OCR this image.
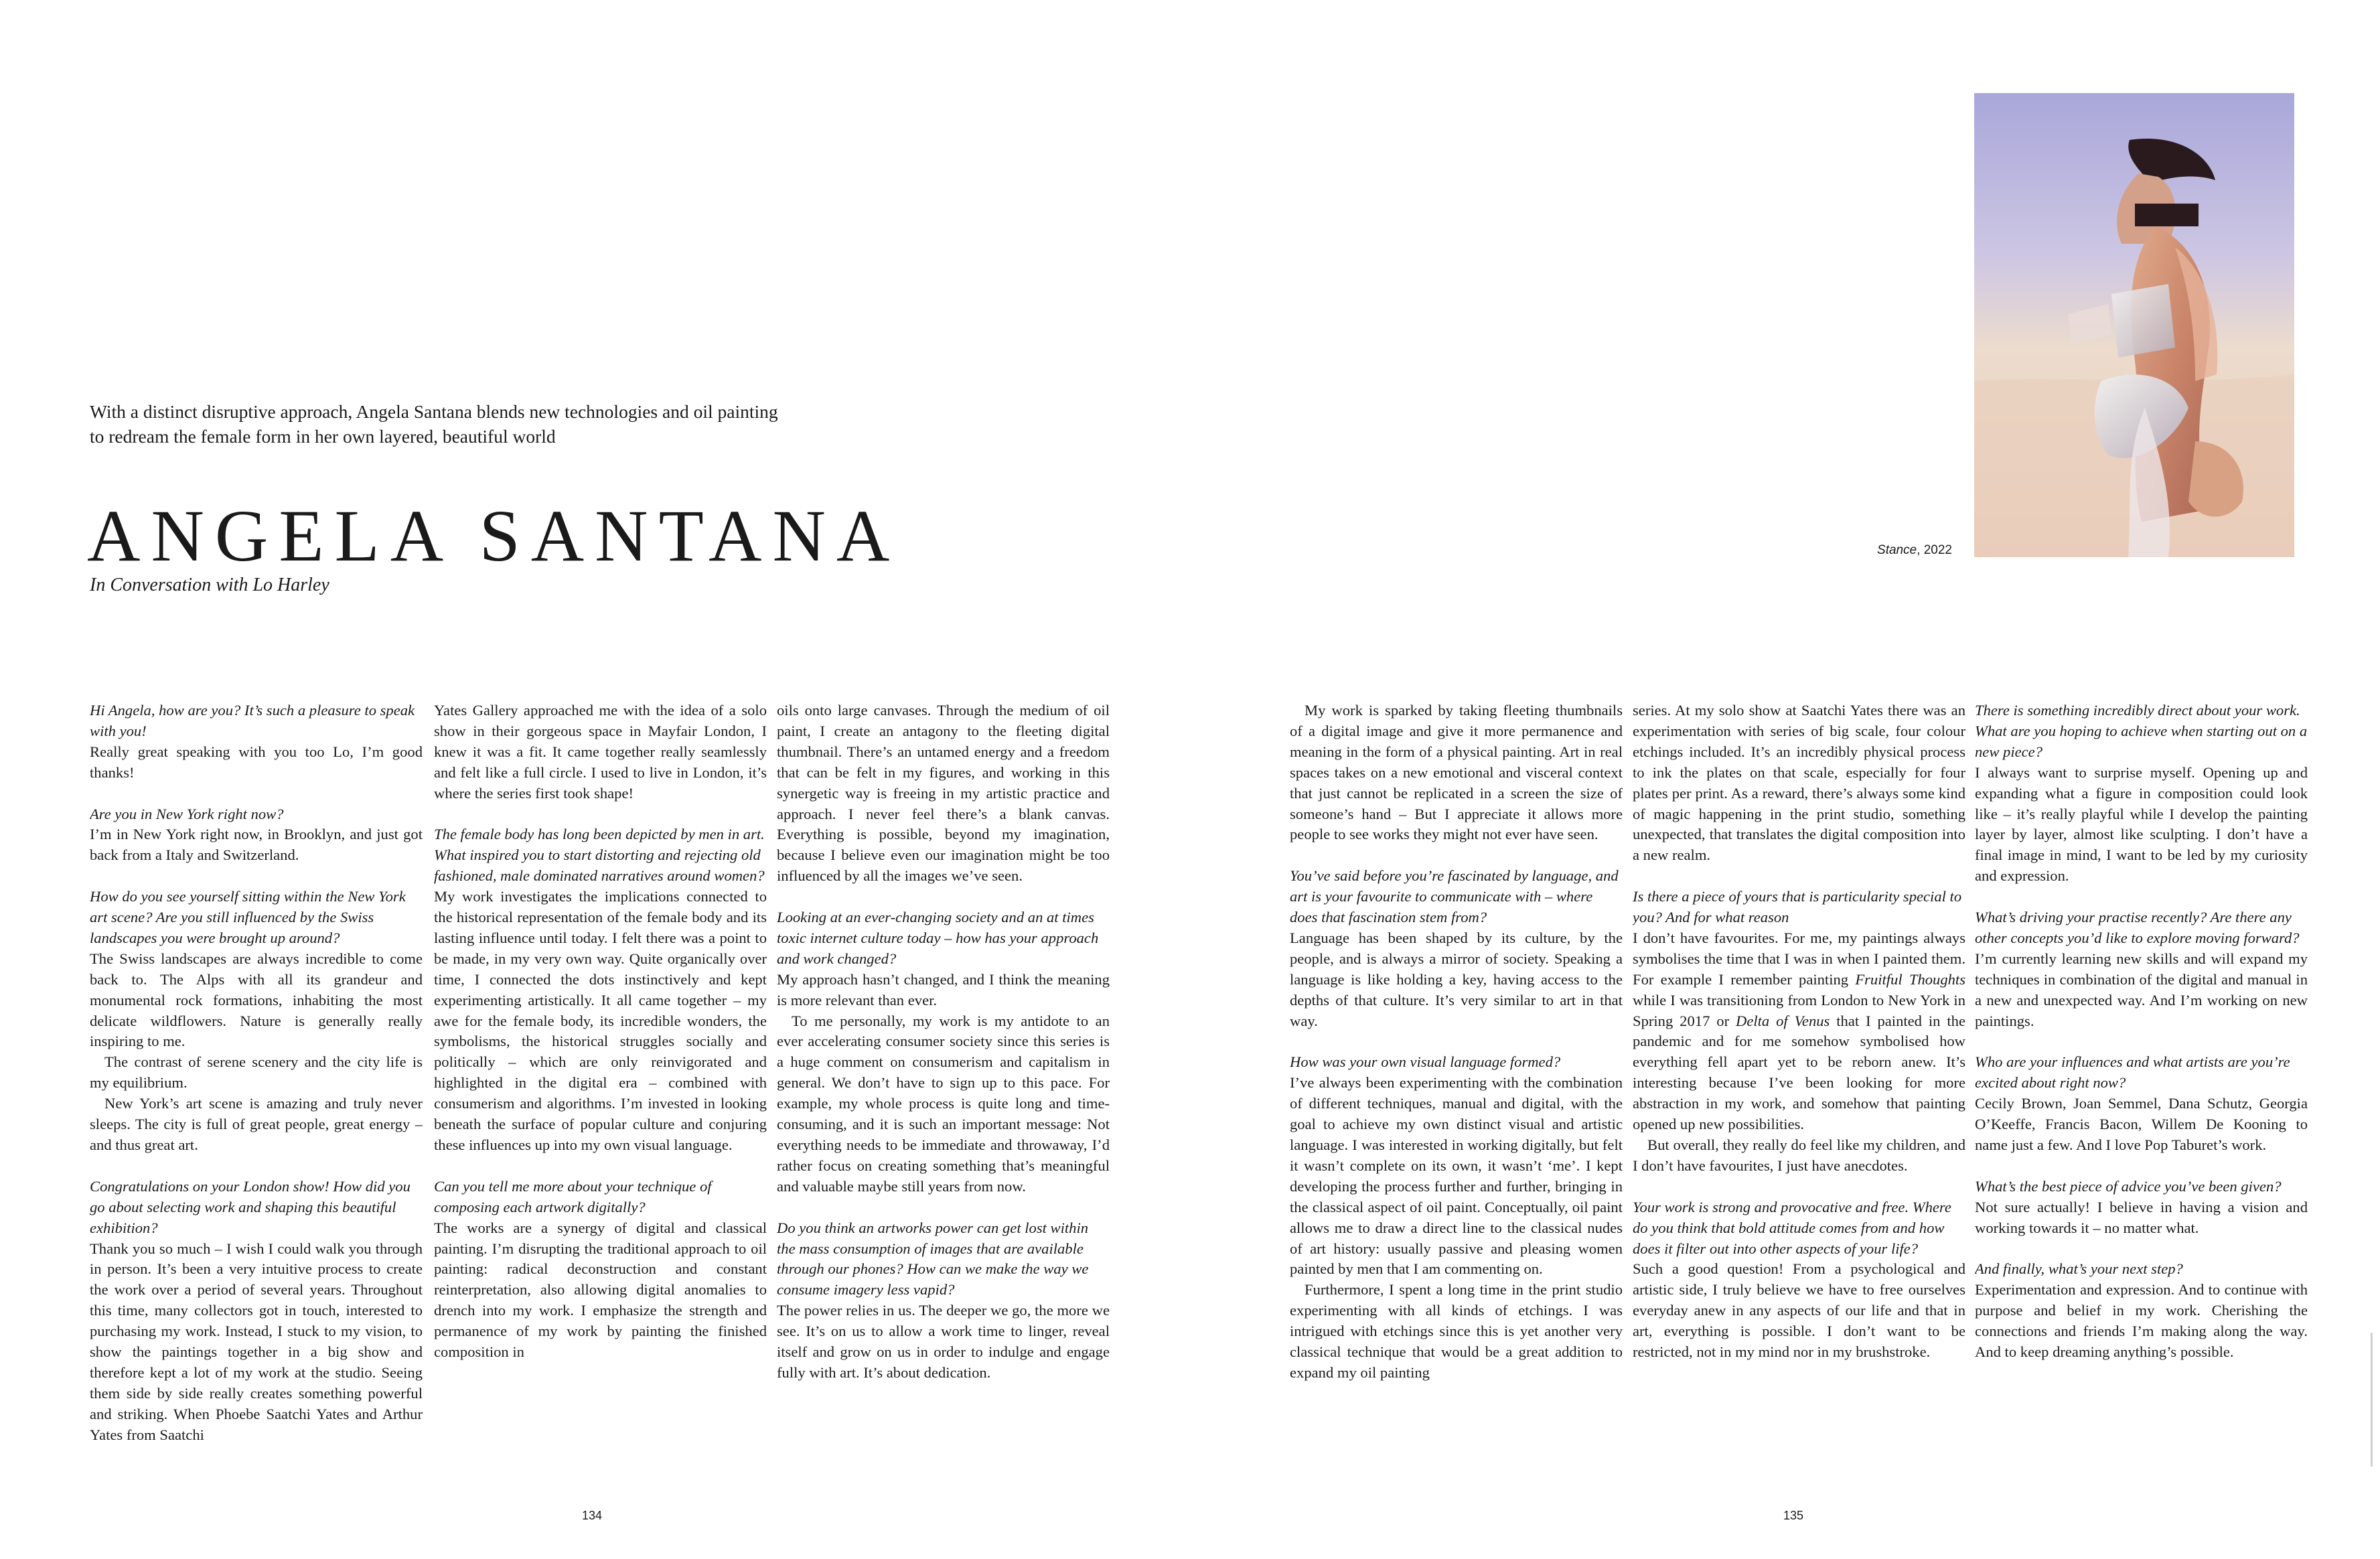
With a distinct disruptive approach, Angela Santana blends new technologies and oil painting to redream the female form in her own layered, beautiful world
ANGELA SANTANA
In Conversation with Lo Harley
Stance, 2022

Hi Angela, how are you? It’s such a pleasure to speak with you!

Really great speaking with you too Lo, I’m good thanks!

Are you in New York right now?

I’m in New York right now, in Brooklyn, and just got back from a Italy and Switzerland.

How do you see yourself sitting within the New York art scene? Are you still influenced by the Swiss landscapes you were brought up around?

The Swiss landscapes are always incredible to come back to. The Alps with all its grandeur and monumental rock formations, inhabiting the most delicate wildflowers. Nature is generally really inspiring to me.

The contrast of serene scenery and the city life is my equilibrium.

New York’s art scene is amazing and truly never sleeps. The city is full of great people, great energy – and thus great art.

Congratulations on your London show! How did you go about selecting work and shaping this beautiful exhibition?

Thank you so much – I wish I could walk you through in person. It’s been a very intuitive process to create the work over a period of several years. Throughout this time, many collectors got in touch, interested to purchasing my work. Instead, I stuck to my vision, to show the paintings together in a big show and therefore kept a lot of my work at the studio. Seeing them side by side really creates something powerful and striking. When Phoebe Saatchi Yates and Arthur Yates from Saatchi

Yates Gallery approached me with the idea of a solo show in their gorgeous space in Mayfair London, I knew it was a fit. It came together really seamlessly and felt like a full circle. I used to live in London, it’s where the series first took shape!

The female body has long been depicted by men in art. What inspired you to start distorting and rejecting old fashioned, male dominated narratives around women?

My work investigates the implications connected to the historical representation of the female body and its lasting influence until today. I felt there was a point to be made, in my very own way. Quite organically over time, I connected the dots instinctively and kept experimenting artistically. It all came together – my awe for the female body, its incredible wonders, the symbolisms, the historical struggles socially and politically – which are only reinvigorated and highlighted in the digital era – combined with consumerism and algorithms. I’m invested in looking beneath the surface of popular culture and conjuring these influences up into my own visual language.

Can you tell me more about your technique of composing each artwork digitally?

The works are a synergy of digital and classical painting. I’m disrupting the traditional approach to oil painting: radical deconstruction and constant reinterpretation, also allowing digital anomalies to drench into my work. I emphasize the strength and permanence of my work by painting the finished composition in

oils onto large canvases. Through the medium of oil paint, I create an antagony to the fleeting digital thumbnail. There’s an untamed energy and a freedom that can be felt in my figures, and working in this synergetic way is freeing in my artistic practice and approach. I never feel there’s a blank canvas. Everything is possible, beyond my imagination, because I believe even our imagination might be too influenced by all the images we’ve seen.

Looking at an ever-changing society and an at times toxic internet culture today – how has your approach and work changed?

My approach hasn’t changed, and I think the meaning is more relevant than ever.

To me personally, my work is my antidote to an ever accelerating consumer society since this series is a huge comment on consumerism and capitalism in general. We don’t have to sign up to this pace. For example, my whole process is quite long and time-consuming, and it is such an important message: Not everything needs to be immediate and throwaway, I’d rather focus on creating something that’s meaningful and valuable maybe still years from now.

Do you think an artworks power can get lost within the mass consumption of images that are available through our phones? How can we make the way we consume imagery less vapid?

The power relies in us. The deeper we go, the more we see. It’s on us to allow a work time to linger, reveal itself and grow on us in order to indulge and engage fully with art. It’s about dedication.

My work is sparked by taking fleeting thumbnails of a digital image and give it more permanence and meaning in the form of a physical painting. Art in real spaces takes on a new emotional and visceral context that just cannot be replicated in a screen the size of someone’s hand – But I appreciate it allows more people to see works they might not ever have seen.

You’ve said before you’re fascinated by language, and art is your favourite to communicate with – where does that fascination stem from?

Language has been shaped by its culture, by the people, and is always a mirror of society. Speaking a language is like holding a key, having access to the depths of that culture. It’s very similar to art in that way.

How was your own visual language formed?

I’ve always been experimenting with the combination of different techniques, manual and digital, with the goal to achieve my own distinct visual and artistic language. I was interested in working digitally, but felt it wasn’t complete on its own, it wasn’t ‘me’. I kept developing the process further and further, bringing in the classical aspect of oil paint. Conceptually, oil paint allows me to draw a direct line to the classical nudes of art history: usually passive and pleasing women painted by men that I am commenting on.

Furthermore, I spent a long time in the print studio experimenting with all kinds of etchings. I was intrigued with etchings since this is yet another very classical technique that would be a great addition to expand my oil painting

series. At my solo show at Saatchi Yates there was an experimentation with series of big scale, four colour etchings included. It’s an incredibly physical process to ink the plates on that scale, especially for four plates per print. As a reward, there’s always some kind of magic happening in the print studio, something unexpected, that translates the digital composition into a new realm.

Is there a piece of yours that is particularity special to you? And for what reason

I don’t have favourites. For me, my paintings always symbolises the time that I was in when I painted them. For example I remember painting Fruitful Thoughts while I was transitioning from London to New York in Spring 2017 or Delta of Venus that I painted in the pandemic and for me somehow symbolised how everything fell apart yet to be reborn anew. It’s interesting because I’ve been looking for more abstraction in my work, and somehow that painting opened up new possibilities.

But overall, they really do feel like my children, and I don’t have favourites, I just have anecdotes.

Your work is strong and provocative and free. Where do you think that bold attitude comes from and how does it filter out into other aspects of your life?

Such a good question! From a psychological and artistic side, I truly believe we have to free ourselves everyday anew in any aspects of our life and that in art, everything is possible. I don’t want to be restricted, not in my mind nor in my brushstroke.

There is something incredibly direct about your work. What are you hoping to achieve when starting out on a new piece?

I always want to surprise myself. Opening up and expanding what a figure in composition could look like – it’s really playful while I develop the painting layer by layer, almost like sculpting. I don’t have a final image in mind, I want to be led by my curiosity and expression.

What’s driving your practise recently? Are there any other concepts you’d like to explore moving forward?

I’m currently learning new skills and will expand my techniques in combination of the digital and manual in a new and unexpected way. And I’m working on new paintings.

Who are your influences and what artists are you’re excited about right now?

Cecily Brown, Joan Semmel, Dana Schutz, Georgia O’Keeffe, Francis Bacon, Willem De Kooning to name just a few. And I love Pop Taburet’s work.

What’s the best piece of advice you’ve been given?

Not sure actually! I believe in having a vision and working towards it – no matter what.

And finally, what’s your next step?

Experimentation and expression. And to continue with purpose and belief in my work. Cherishing the connections and friends I’m making along the way. And to keep dreaming anything’s possible.

134	135
